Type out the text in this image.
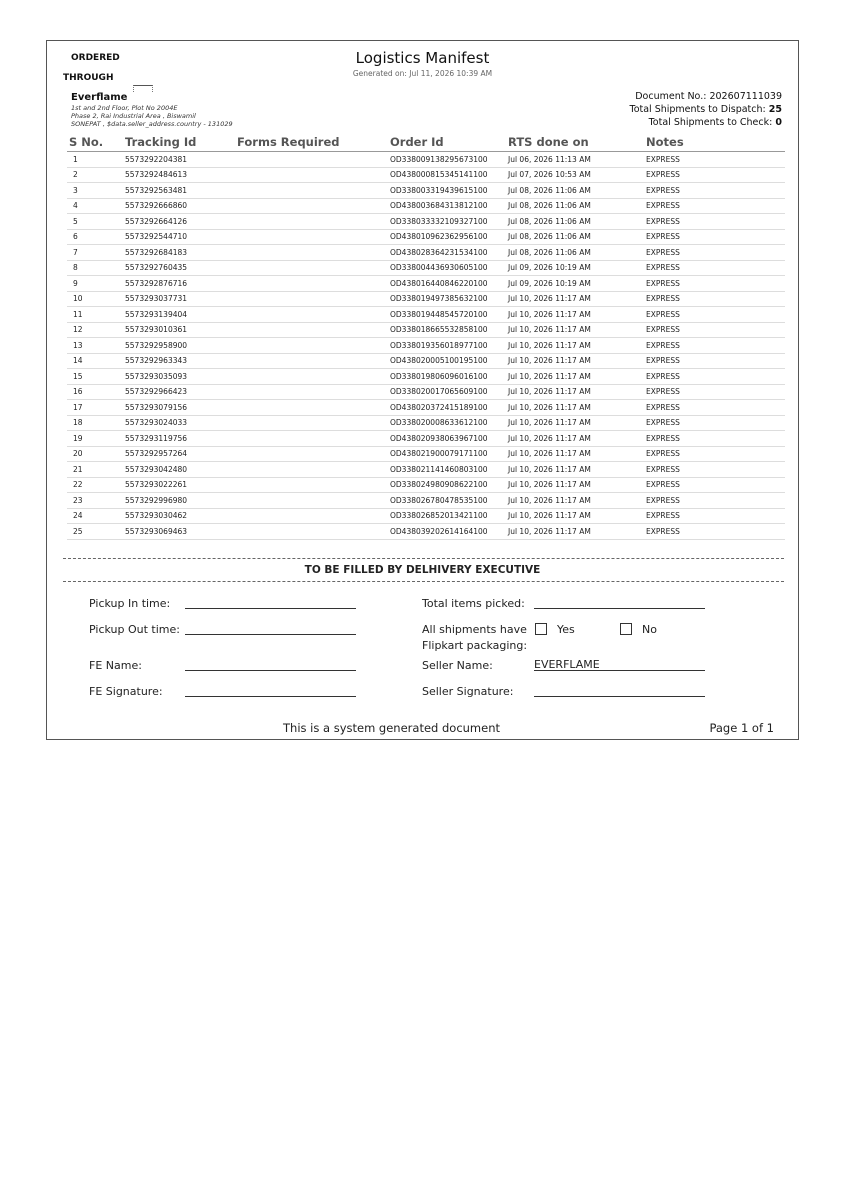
ORDERED
THROUGH
Logistics Manifest
Generated on: Jul 11, 2026 10:39 AM
Everflame
1st and 2nd Floor, Plot No 2004E
Phase 2, Rai Industrial Area , Biswamil
SONEPAT , $data.seller_address.country - 131029
Document No.: 202607111039
Total Shipments to Dispatch: 25
Total Shipments to Check: 0
S No.	Tracking Id	Forms Required	Order Id	RTS done on	Notes
1	5573292204381		OD338009138295673100	Jul 06, 2026 11:13 AM	EXPRESS
2	5573292484613		OD438000815345141100	Jul 07, 2026 10:53 AM	EXPRESS
3	5573292563481		OD338003319439615100	Jul 08, 2026 11:06 AM	EXPRESS
4	5573292666860		OD438003684313812100	Jul 08, 2026 11:06 AM	EXPRESS
5	5573292664126		OD338033332109327100	Jul 08, 2026 11:06 AM	EXPRESS
6	5573292544710		OD438010962362956100	Jul 08, 2026 11:06 AM	EXPRESS
7	5573292684183		OD438028364231534100	Jul 08, 2026 11:06 AM	EXPRESS
8	5573292760435		OD338004436930605100	Jul 09, 2026 10:19 AM	EXPRESS
9	5573292876716		OD438016440846220100	Jul 09, 2026 10:19 AM	EXPRESS
10	5573293037731		OD338019497385632100	Jul 10, 2026 11:17 AM	EXPRESS
11	5573293139404		OD338019448545720100	Jul 10, 2026 11:17 AM	EXPRESS
12	5573293010361		OD338018665532858100	Jul 10, 2026 11:17 AM	EXPRESS
13	5573292958900		OD338019356018977100	Jul 10, 2026 11:17 AM	EXPRESS
14	5573292963343		OD438020005100195100	Jul 10, 2026 11:17 AM	EXPRESS
15	5573293035093		OD338019806096016100	Jul 10, 2026 11:17 AM	EXPRESS
16	5573292966423		OD338020017065609100	Jul 10, 2026 11:17 AM	EXPRESS
17	5573293079156		OD438020372415189100	Jul 10, 2026 11:17 AM	EXPRESS
18	5573293024033		OD338020008633612100	Jul 10, 2026 11:17 AM	EXPRESS
19	5573293119756		OD438020938063967100	Jul 10, 2026 11:17 AM	EXPRESS
20	5573292957264		OD438021900079171100	Jul 10, 2026 11:17 AM	EXPRESS
21	5573293042480		OD338021141460803100	Jul 10, 2026 11:17 AM	EXPRESS
22	5573293022261		OD338024980908622100	Jul 10, 2026 11:17 AM	EXPRESS
23	5573292996980		OD338026780478535100	Jul 10, 2026 11:17 AM	EXPRESS
24	5573293030462		OD338026852013421100	Jul 10, 2026 11:17 AM	EXPRESS
25	5573293069463		OD438039202614164100	Jul 10, 2026 11:17 AM	EXPRESS
TO BE FILLED BY DELHIVERY EXECUTIVE
Pickup In time:
Pickup Out time:
FE Name:
FE Signature:
Total items picked:
All shipments have
Flipkart packaging:
Yes	No
Seller Name:	EVERFLAME
Seller Signature:
This is a system generated document	Page 1 of 1
